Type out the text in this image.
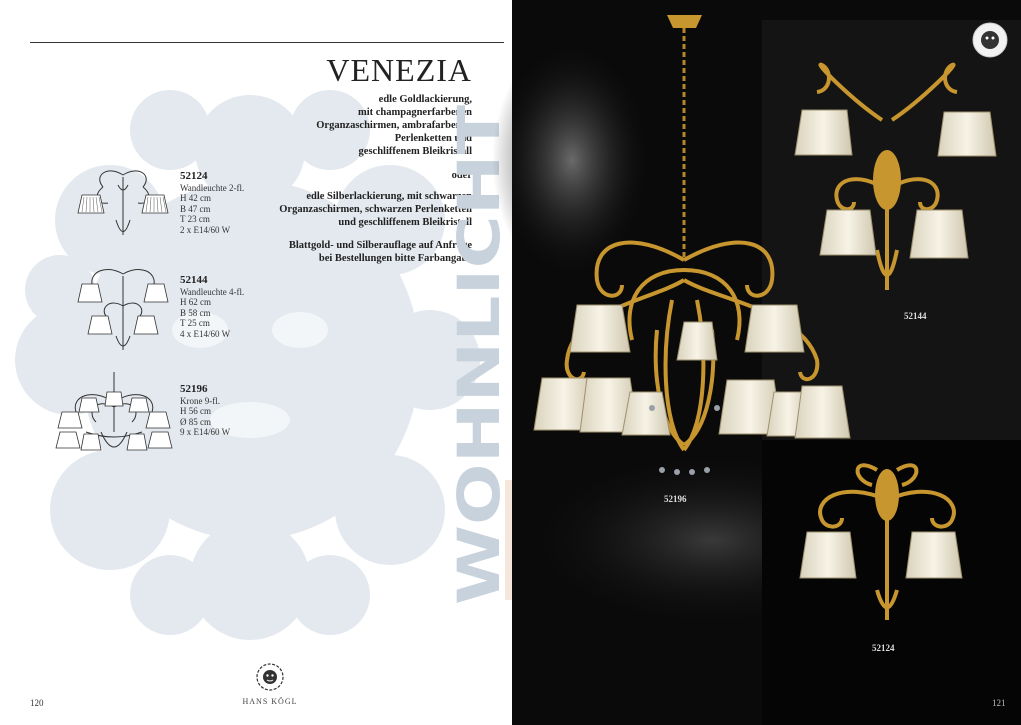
VENEZIA
edle Goldlackierung,
mit champagnerfarbenen
Organzaschirmen, ambrafarbenen
Perlenketten und
geschliffenem Bleikristall
oder
edle Silberlackierung, mit schwarzen
Organzaschirmen, schwarzen Perlenketten
und geschliffenem Bleikristall
Blattgold- und Silberauflage auf Anfrage
bei Bestellungen bitte Farbangabe
52124
Wandleuchte 2-fl.
H 42 cm
B 47 cm
T 23 cm
2 x E14/60 W
52144
Wandleuchte 4-fl.
H 62 cm
B 58 cm
T 25 cm
4 x E14/60 W
52196
Krone 9-fl.
H 56 cm
Ø 85 cm
9 x E14/60 W	WOHNLICHT
120	HANS KÖGL
52196
52144
52124
121
